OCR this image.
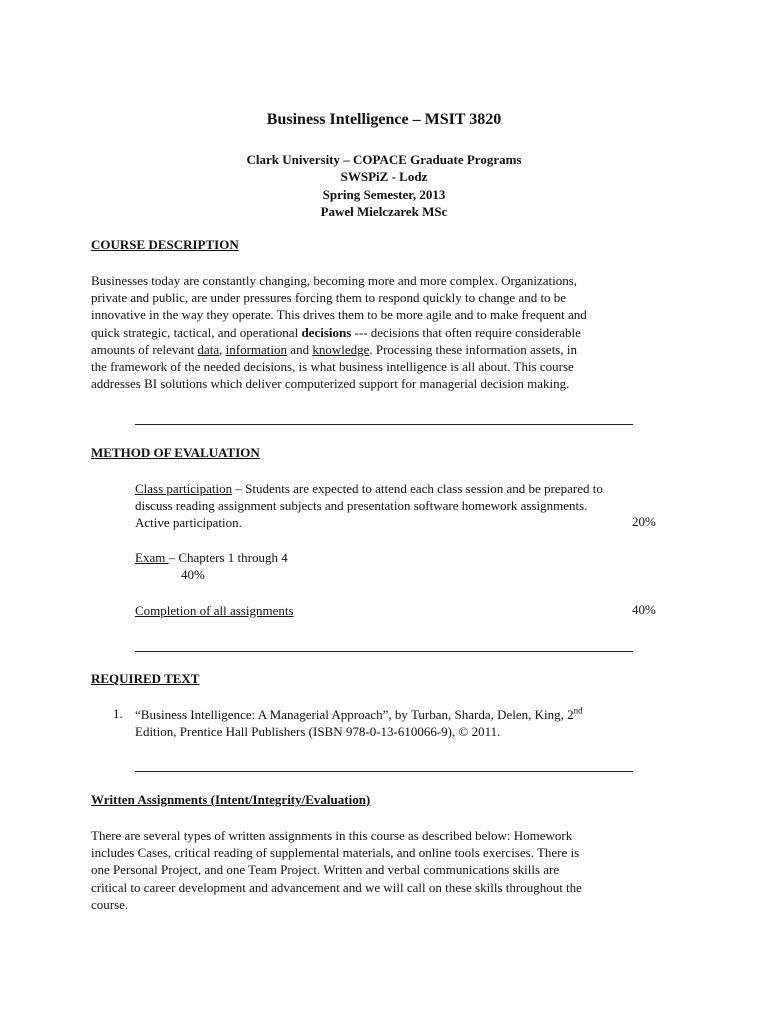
Business Intelligence – MSIT 3820
Clark University – COPACE Graduate Programs
SWSPiZ - Lodz
Spring Semester, 2013
Paweł Mielczarek MSc
COURSE DESCRIPTION
Businesses today are constantly changing, becoming more and more complex. Organizations,
private and public, are under pressures forcing them to respond quickly to change and to be
innovative in the way they operate. This drives them to be more agile and to make frequent and
quick strategic, tactical, and operational decisions --- decisions that often require considerable
amounts of relevant data, information and knowledge. Processing these information assets, in
the framework of the needed decisions, is what business intelligence is all about. This course
addresses BI solutions which deliver computerized support for managerial decision making.
METHOD OF EVALUATION
Class participation – Students are expected to attend each class session and be prepared to
discuss reading assignment subjects and presentation software homework assignments.
Active participation.	20%
Exam – Chapters 1 through 4
40%
Completion of all assignments	40%
REQUIRED TEXT
1. “Business Intelligence: A Managerial Approach”, by Turban, Sharda, Delen, King, 2nd
Edition, Prentice Hall Publishers (ISBN 978-0-13-610066-9), © 2011.
Written Assignments (Intent/Integrity/Evaluation)
There are several types of written assignments in this course as described below: Homework
includes Cases, critical reading of supplemental materials, and online tools exercises. There is
one Personal Project, and one Team Project. Written and verbal communications skills are
critical to career development and advancement and we will call on these skills throughout the
course.
